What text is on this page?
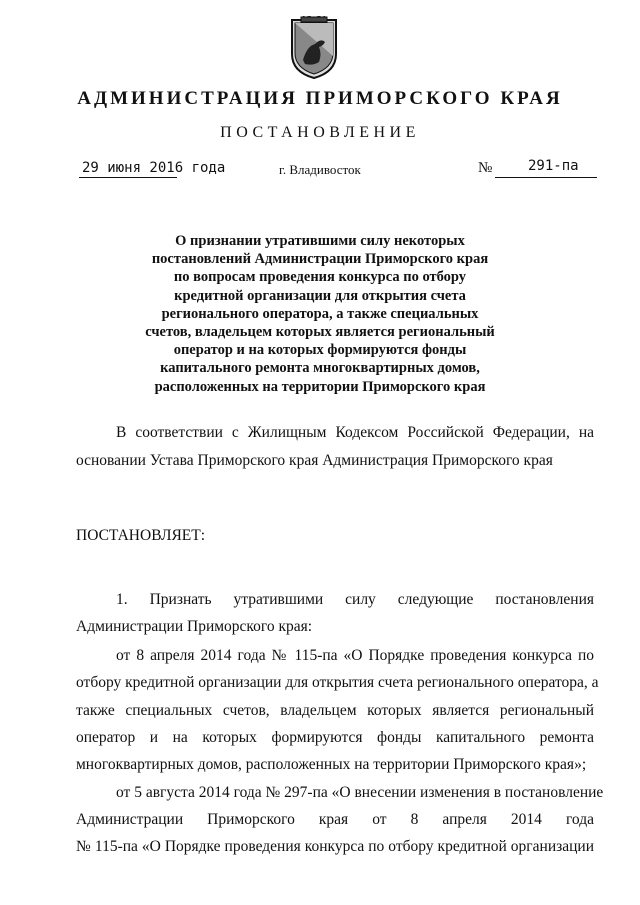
АДМИНИСТРАЦИЯ ПРИМОРСКОГО КРАЯ
ПОСТАНОВЛЕНИЕ
29 июня 2016 года	г. Владивосток	№	291-па
О признании утратившими силу некоторых
постановлений Администрации Приморского края
по вопросам проведения конкурса по отбору
кредитной организации для открытия счета
регионального оператора, а также специальных
счетов, владельцем которых является региональный
оператор и на которых формируются фонды
капитального ремонта многоквартирных домов,
расположенных на территории Приморского края
В соответствии с Жилищным Кодексом Российской Федерации, на
основании Устава Приморского края Администрация Приморского края
ПОСТАНОВЛЯЕТ:
1. Признать утратившими силу следующие постановления
Администрации Приморского края:
от 8 апреля 2014 года № 115-па «О Порядке проведения конкурса по
отбору кредитной организации для открытия счета регионального оператора, а
также специальных счетов, владельцем которых является региональный
оператор и на которых формируются фонды капитального ремонта
многоквартирных домов, расположенных на территории Приморского края»;
от 5 августа 2014 года № 297-па «О внесении изменения в постановление
Администрации Приморского края от 8 апреля 2014 года
№ 115-па «О Порядке проведения конкурса по отбору кредитной организации
